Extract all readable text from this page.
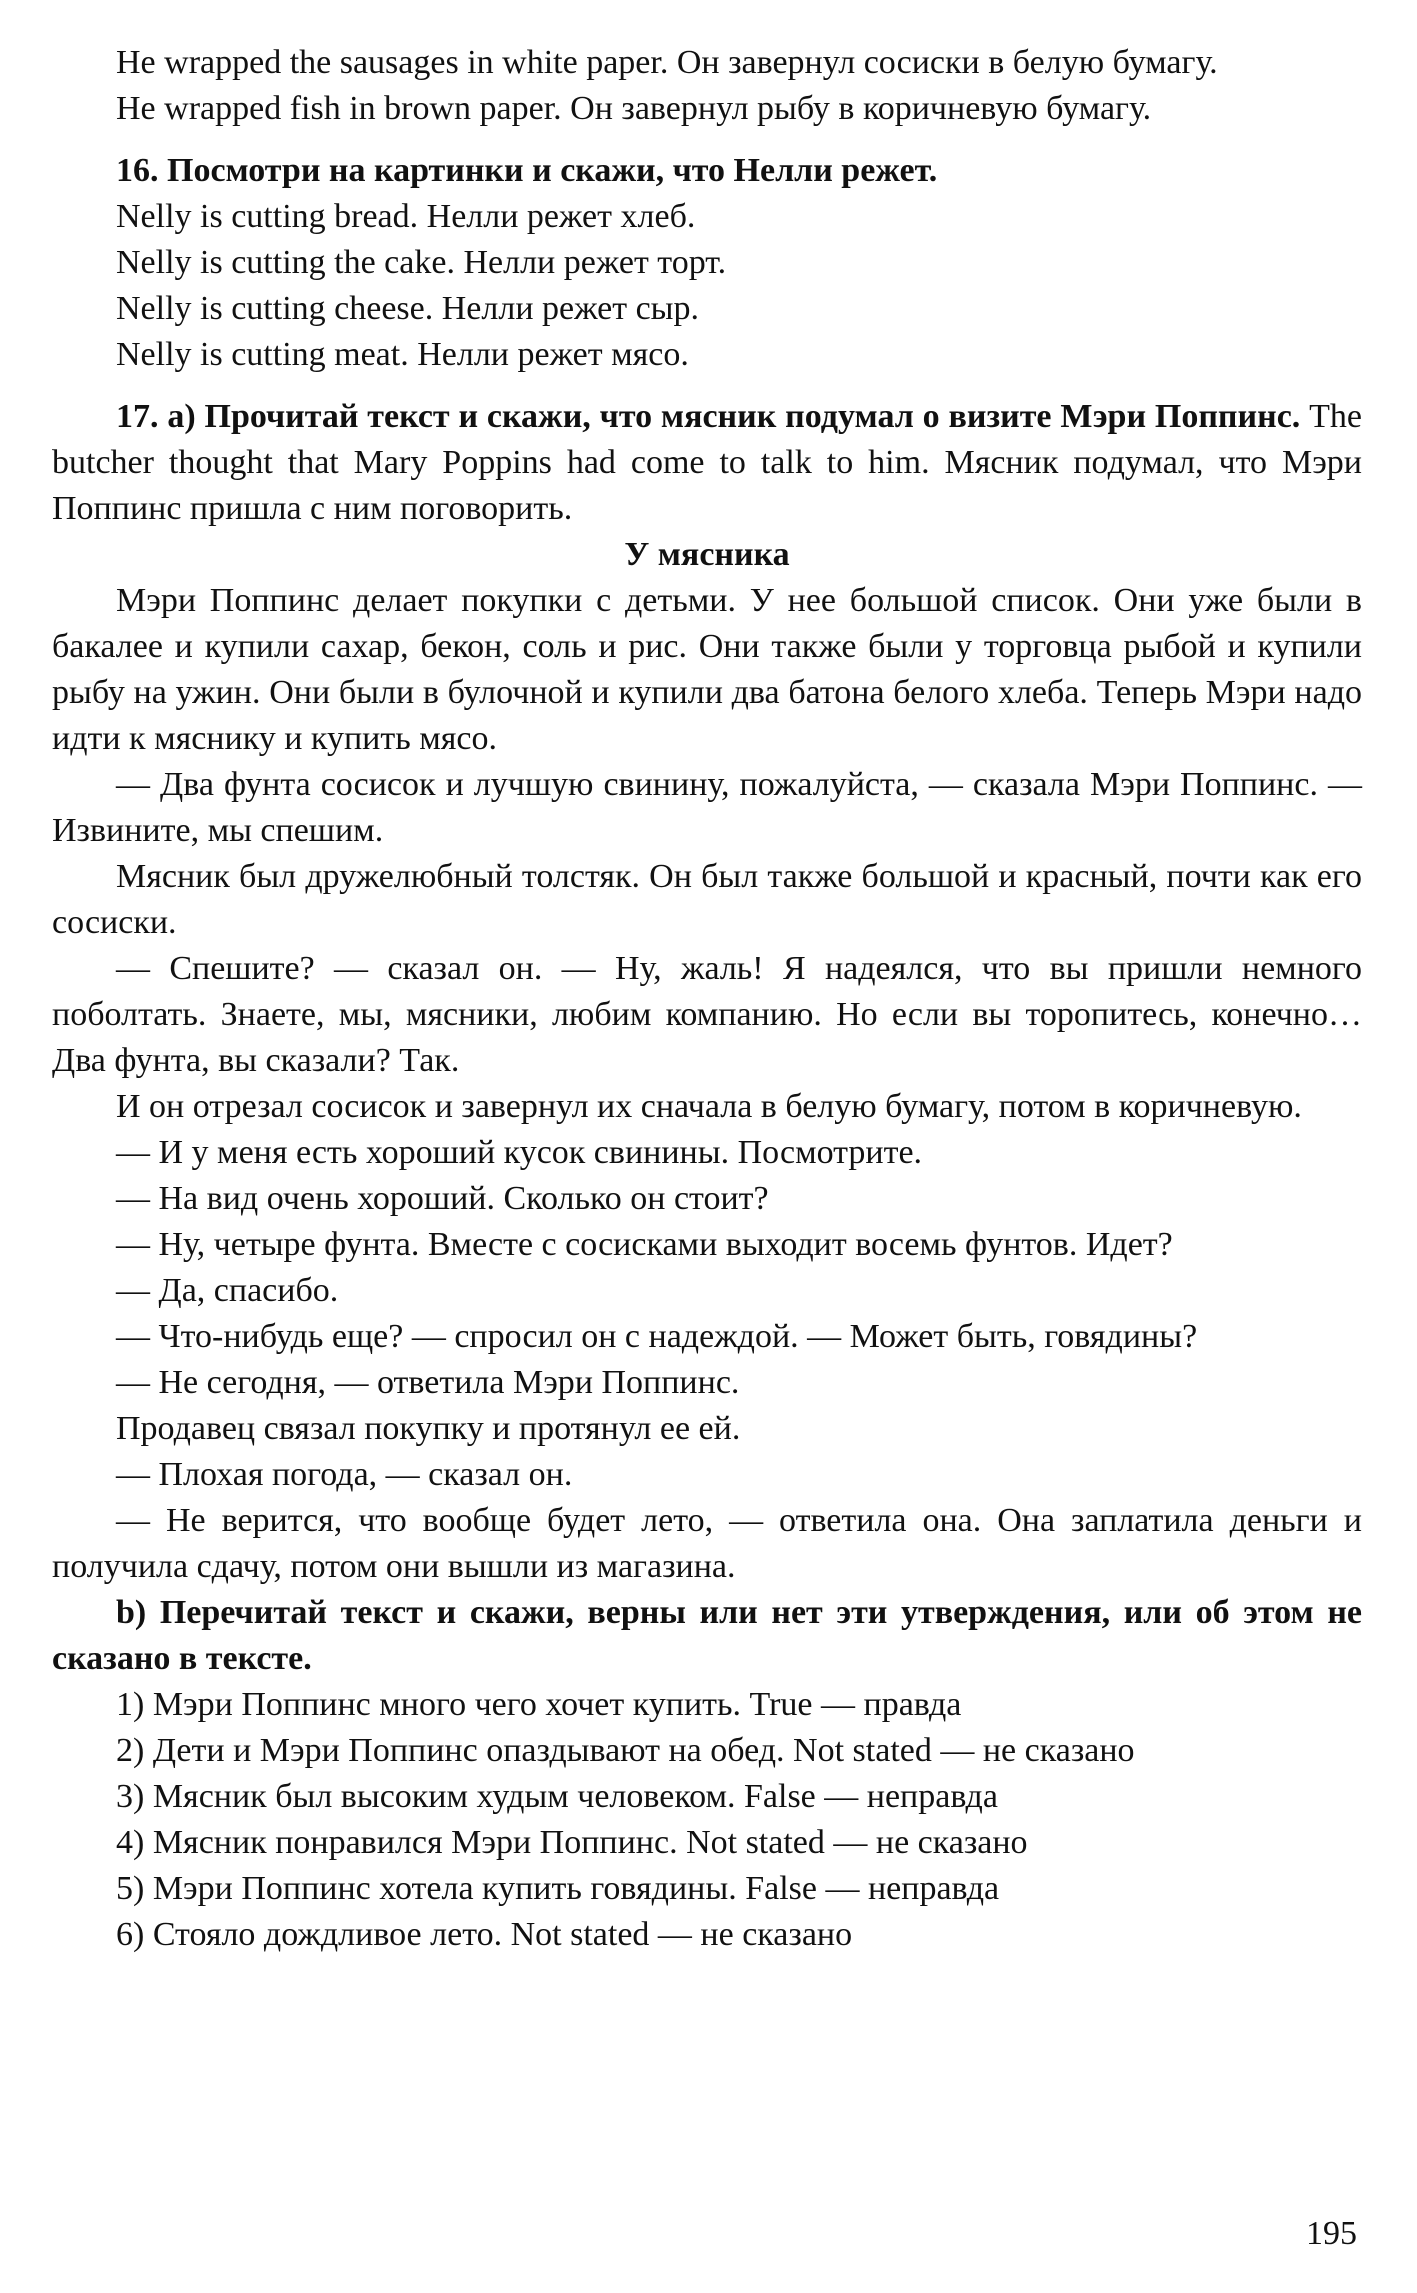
He wrapped the sausages in white paper. Он завернул сосиски в белую бумагу.

He wrapped fish in brown paper. Он завернул рыбу в коричневую бумагу.

16. Посмотри на картинки и скажи, что Нелли режет.

Nelly is cutting bread. Нелли режет хлеб.

Nelly is cutting the cake. Нелли режет торт.

Nelly is cutting cheese. Нелли режет сыр.

Nelly is cutting meat. Нелли режет мясо.

17. a) Прочитай текст и скажи, что мясник подумал о визите Мэри Поппинс. The butcher thought that Mary Poppins had come to talk to him. Мясник подумал, что Мэри Поппинс пришла с ним поговорить.

У мясника

Мэри Поппинс делает покупки с детьми. У нее большой список. Они уже были в бакалее и купили сахар, бекон, соль и рис. Они также были у торговца рыбой и купили рыбу на ужин. Они были в булочной и купили два батона белого хлеба. Теперь Мэри надо идти к мяснику и купить мясо.

— Два фунта сосисок и лучшую свинину, пожалуйста, — сказала Мэри Поппинс. — Извините, мы спешим.

Мясник был дружелюбный толстяк. Он был также большой и красный, почти как его сосиски.

— Спешите? — сказал он. — Ну, жаль! Я надеялся, что вы пришли немного поболтать. Знаете, мы, мясники, любим компанию. Но если вы торопитесь, конечно… Два фунта, вы сказали? Так.

И он отрезал сосисок и завернул их сначала в белую бумагу, потом в коричневую.

— И у меня есть хороший кусок свинины. Посмотрите.

— На вид очень хороший. Сколько он стоит?

— Ну, четыре фунта. Вместе с сосисками выходит восемь фунтов. Идет?

— Да, спасибо.

— Что-нибудь еще? — спросил он с надеждой. — Может быть, говядины?

— Не сегодня, — ответила Мэри Поппинс.

Продавец связал покупку и протянул ее ей.

— Плохая погода, — сказал он.

— Не верится, что вообще будет лето, — ответила она. Она заплатила деньги и получила сдачу, потом они вышли из магазина.

b) Перечитай текст и скажи, верны или нет эти утверждения, или об этом не сказано в тексте.

1) Мэри Поппинс много чего хочет купить. True — правда

2) Дети и Мэри Поппинс опаздывают на обед. Not stated — не сказано

3) Мясник был высоким худым человеком. False — неправда

4) Мясник понравился Мэри Поппинс. Not stated — не сказано

5) Мэри Поппинс хотела купить говядины. False — неправда

6) Стояло дождливое лето. Not stated — не сказано

195
